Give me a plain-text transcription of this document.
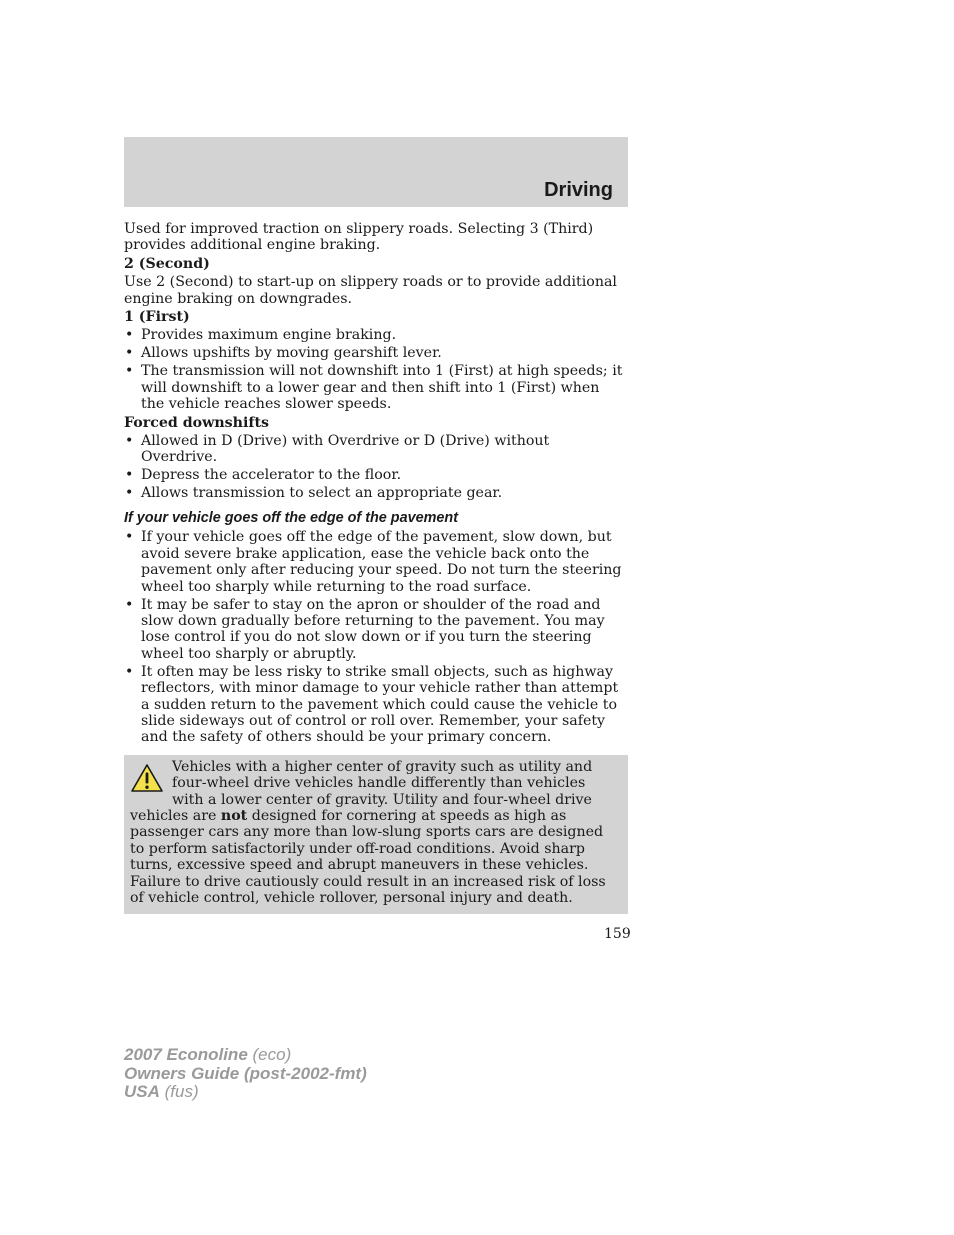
Driving

Used for improved traction on slippery roads. Selecting 3 (Third) provides additional engine braking.

2 (Second)

Use 2 (Second) to start-up on slippery roads or to provide additional engine braking on downgrades.

1 (First)

• Provides maximum engine braking.
• Allows upshifts by moving gearshift lever.
• The transmission will not downshift into 1 (First) at high speeds; it will downshift to a lower gear and then shift into 1 (First) when the vehicle reaches slower speeds.

Forced downshifts

• Allowed in D (Drive) with Overdrive or D (Drive) without Overdrive.
• Depress the accelerator to the floor.
• Allows transmission to select an appropriate gear.
If your vehicle goes off the edge of the pavement
• If your vehicle goes off the edge of the pavement, slow down, but avoid severe brake application, ease the vehicle back onto the pavement only after reducing your speed. Do not turn the steering wheel too sharply while returning to the road surface.
• It may be safer to stay on the apron or shoulder of the road and slow down gradually before returning to the pavement. You may lose control if you do not slow down or if you turn the steering wheel too sharply or abruptly.
• It often may be less risky to strike small objects, such as highway reflectors, with minor damage to your vehicle rather than attempt a sudden return to the pavement which could cause the vehicle to slide sideways out of control or roll over. Remember, your safety and the safety of others should be your primary concern.

Vehicles with a higher center of gravity such as utility and four-wheel drive vehicles handle differently than vehicles with a lower center of gravity. Utility and four-wheel drive vehicles are not designed for cornering at speeds as high as passenger cars any more than low-slung sports cars are designed to perform satisfactorily under off-road conditions. Avoid sharp turns, excessive speed and abrupt maneuvers in these vehicles. Failure to drive cautiously could result in an increased risk of loss of vehicle control, vehicle rollover, personal injury and death.

159
2007 Econoline (eco)
Owners Guide (post-2002-fmt)
USA (fus)
